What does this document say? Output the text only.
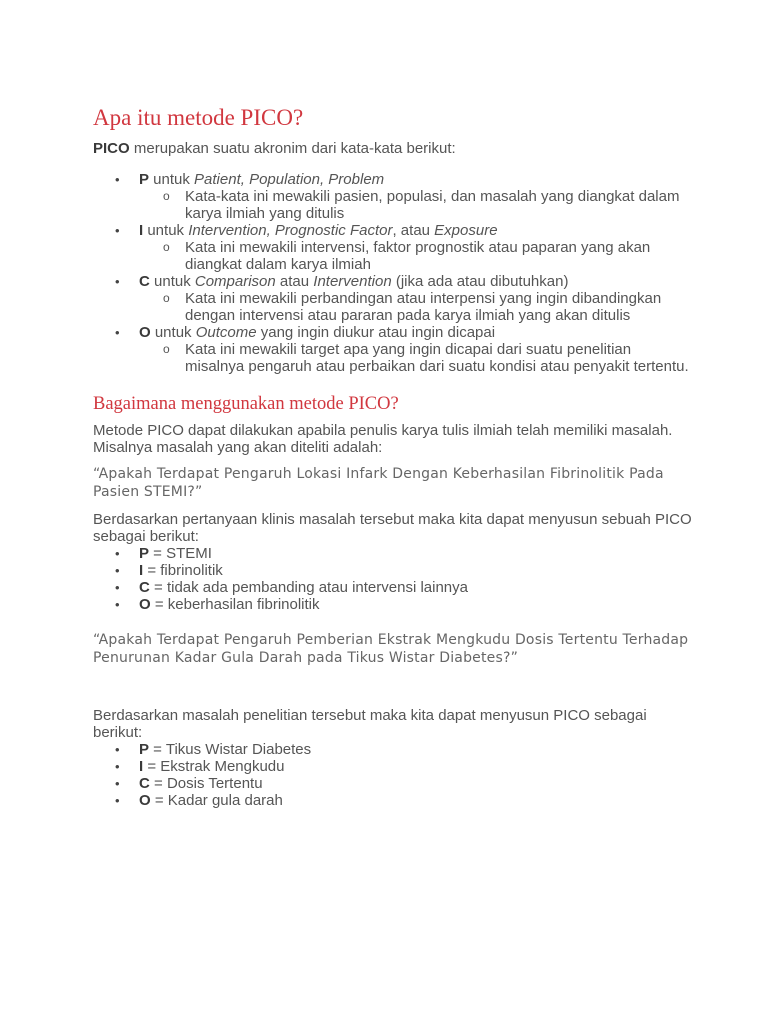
Apa itu metode PICO?

PICO merupakan suatu akronim dari kata-kata berikut:

• P untuk Patient, Population, Problem
o Kata-kata ini mewakili pasien, populasi, dan masalah yang diangkat dalam karya ilmiah yang ditulis
• I untuk Intervention, Prognostic Factor, atau Exposure
o Kata ini mewakili intervensi, faktor prognostik atau paparan yang akan diangkat dalam karya ilmiah
• C untuk Comparison atau Intervention (jika ada atau dibutuhkan)
o Kata ini mewakili perbandingan atau interpensi yang ingin dibandingkan dengan intervensi atau pararan pada karya ilmiah yang akan ditulis
• O untuk Outcome yang ingin diukur atau ingin dicapai
o Kata ini mewakili target apa yang ingin dicapai dari suatu penelitian misalnya pengaruh atau perbaikan dari suatu kondisi atau penyakit tertentu.
Bagaimana menggunakan metode PICO?

Metode PICO dapat dilakukan apabila penulis karya tulis ilmiah telah memiliki masalah. Misalnya masalah yang akan diteliti adalah:

“Apakah Terdapat Pengaruh Lokasi Infark Dengan Keberhasilan Fibrinolitik Pada Pasien STEMI?”

Berdasarkan pertanyaan klinis masalah tersebut maka kita dapat menyusun sebuah PICO sebagai berikut:

• P = STEMI
• I = fibrinolitik
• C = tidak ada pembanding atau intervensi lainnya
• O = keberhasilan fibrinolitik

“Apakah Terdapat Pengaruh Pemberian Ekstrak Mengkudu Dosis Tertentu Terhadap Penurunan Kadar Gula Darah pada Tikus Wistar Diabetes?”

Berdasarkan masalah penelitian tersebut maka kita dapat menyusun PICO sebagai berikut:

• P = Tikus Wistar Diabetes
• I = Ekstrak Mengkudu
• C = Dosis Tertentu
• O = Kadar gula darah
